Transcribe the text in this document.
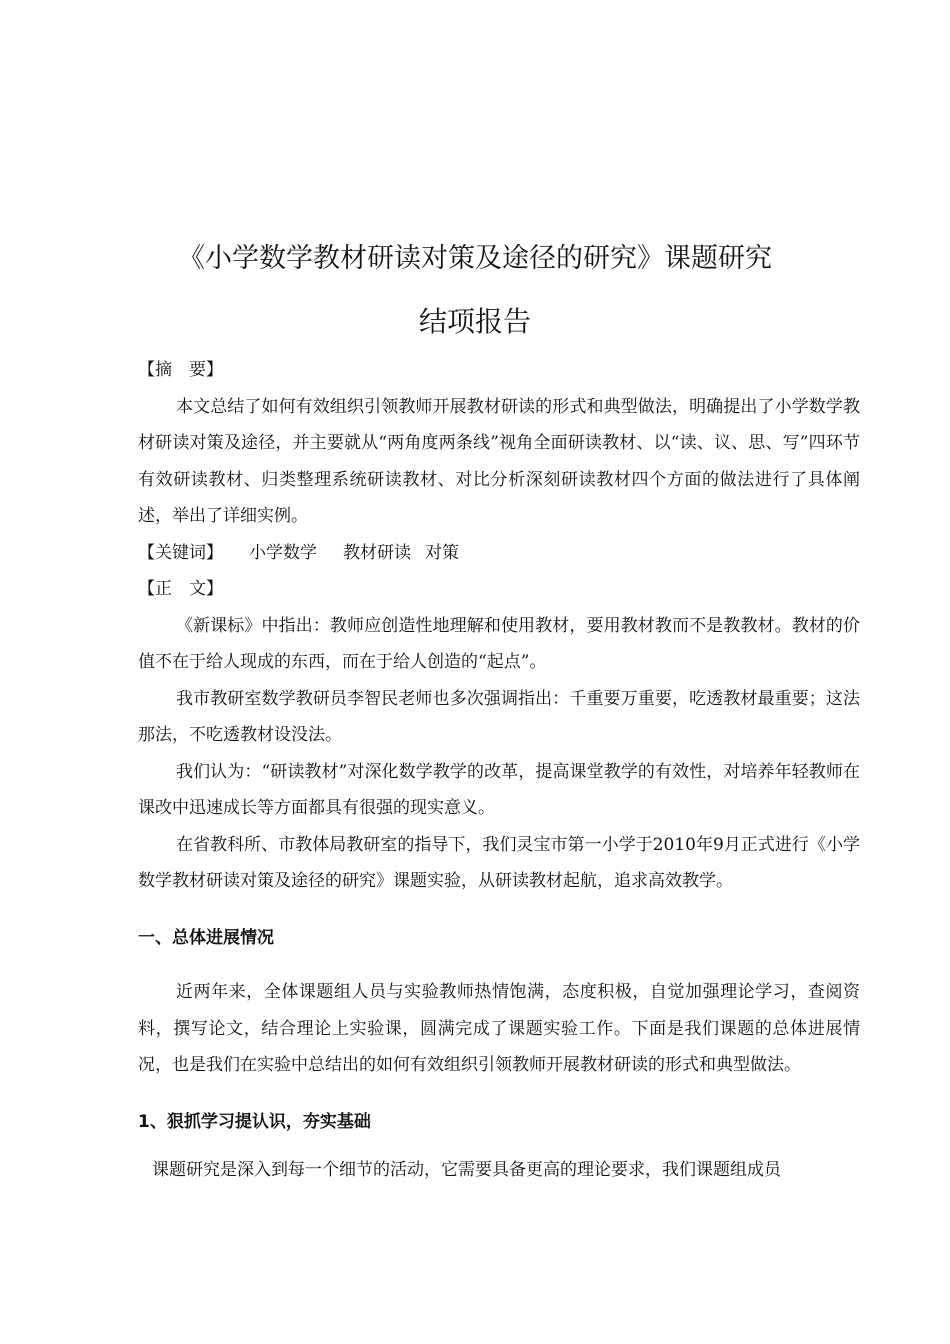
《小学数学教材研读对策及途径的研究》课题研究
结项报告

【摘　要】

本文总结了如何有效组织引领教师开展教材研读的形式和典型做法，明确提出了小学数学教材研读对策及途径，并主要就从“两角度两条线”视角全面研读教材、以“读、议、思、写”四环节有效研读教材、归类整理系统研读教材、对比分析深刻研读教材四个方面的做法进行了具体阐述，举出了详细实例。

【关键词】 小学数学 教材研读 对策

【正　文】

《新课标》中指出：教师应创造性地理解和使用教材，要用教材教而不是教教材。教材的价值不在于给人现成的东西，而在于给人创造的“起点”。

我市教研室数学教研员李智民老师也多次强调指出：千重要万重要，吃透教材最重要；这法那法，不吃透教材设没法。

我们认为：“研读教材”对深化数学教学的改革，提高课堂教学的有效性，对培养年轻教师在课改中迅速成长等方面都具有很强的现实意义。

在省教科所、市教体局教研室的指导下，我们灵宝市第一小学于2010年9月正式进行《小学数学教材研读对策及途径的研究》课题实验，从研读教材起航，追求高效教学。

一、总体进展情况

近两年来，全体课题组人员与实验教师热情饱满，态度积极，自觉加强理论学习，查阅资料，撰写论文，结合理论上实验课，圆满完成了课题实验工作。下面是我们课题的总体进展情况，也是我们在实验中总结出的如何有效组织引领教师开展教材研读的形式和典型做法。

1、狠抓学习提认识，夯实基础

课题研究是深入到每一个细节的活动，它需要具备更高的理论要求，我们课题组成员
